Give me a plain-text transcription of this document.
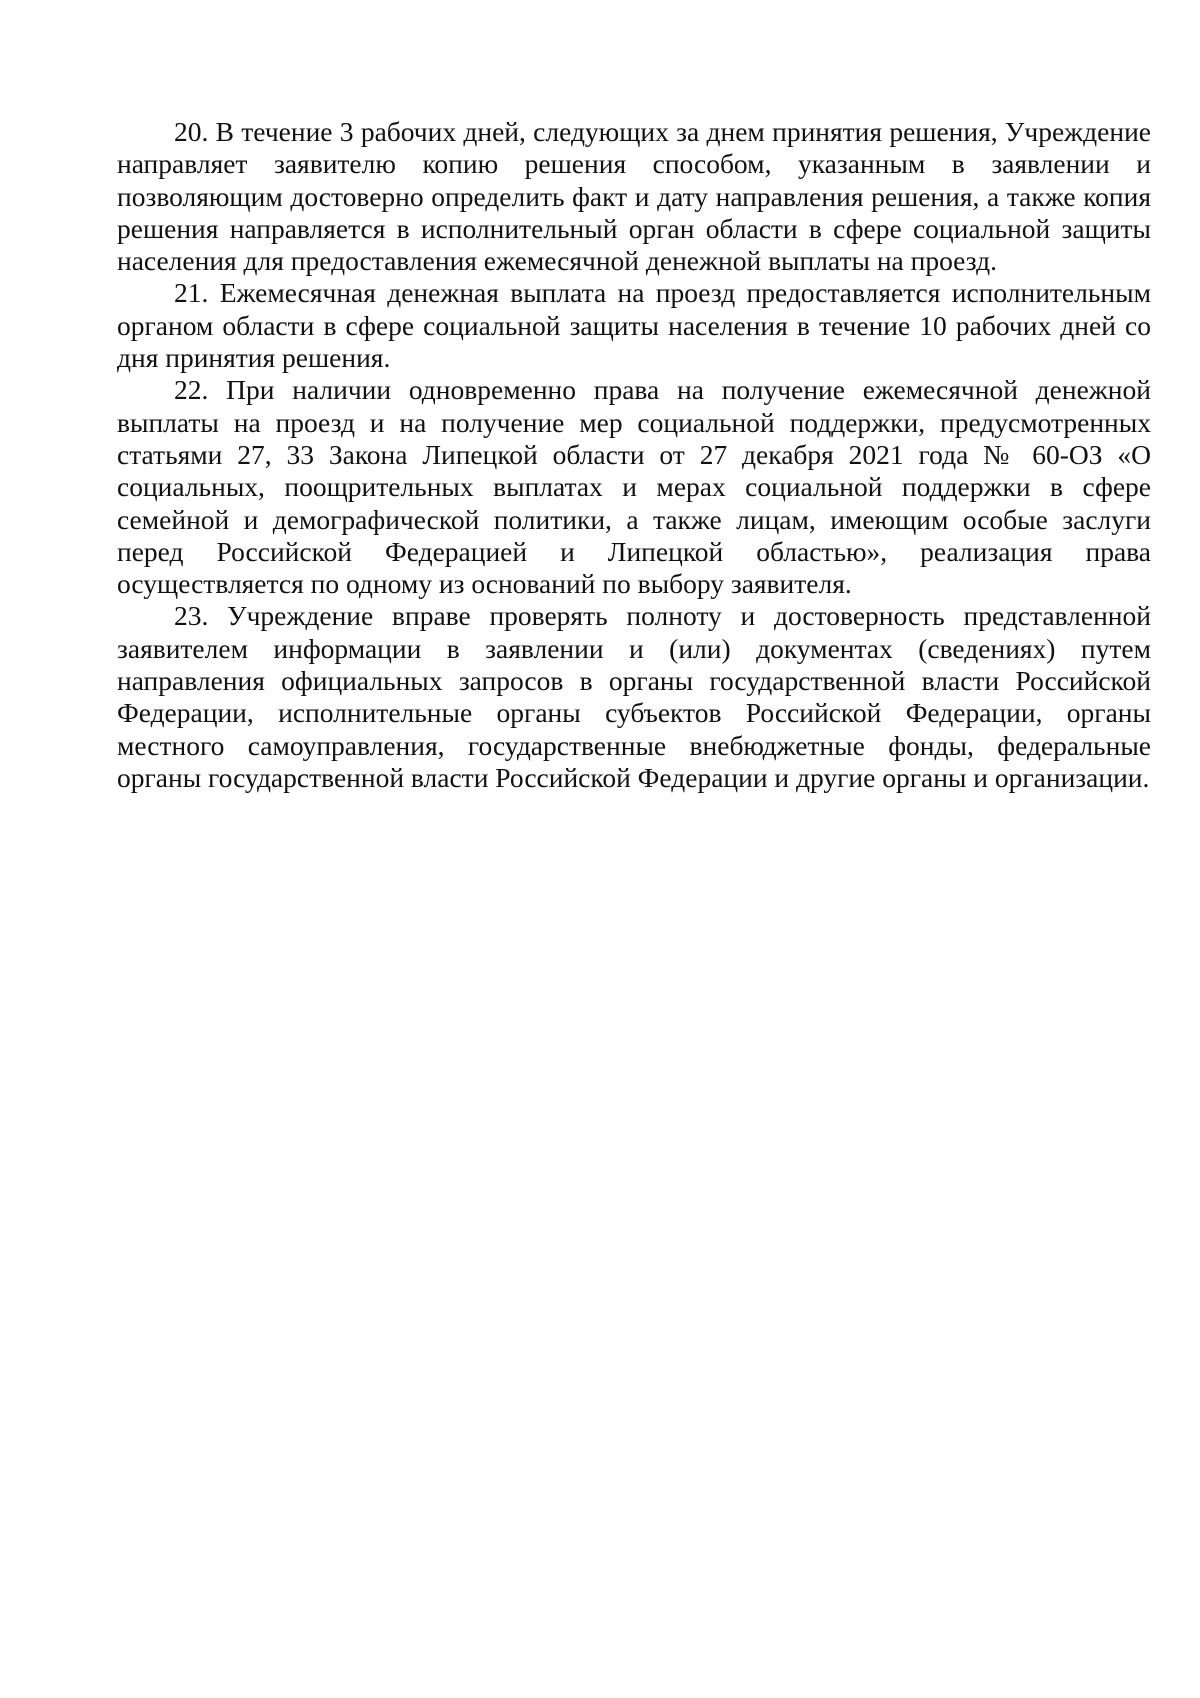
20. В течение 3 рабочих дней, следующих за днем принятия решения, Учреждение направляет заявителю копию решения способом, указанным в заявлении и позволяющим достоверно определить факт и дату направления решения, а также копия решения направляется в исполнительный орган области в сфере социальной защиты населения для предоставления ежемесячной денежной выплаты на проезд.

21. Ежемесячная денежная выплата на проезд предоставляется исполнительным органом области в сфере социальной защиты населения в течение 10 рабочих дней со дня принятия решения.

22. При наличии одновременно права на получение ежемесячной денежной выплаты на проезд и на получение мер социальной поддержки, предусмотренных статьями 27, 33 Закона Липецкой области от 27 декабря 2021 года № 60-ОЗ «О социальных, поощрительных выплатах и мерах социальной поддержки в сфере семейной и демографической политики, а также лицам, имеющим особые заслуги перед Российской Федерацией и Липецкой областью», реализация права осуществляется по одному из оснований по выбору заявителя.

23. Учреждение вправе проверять полноту и достоверность представленной заявителем информации в заявлении и (или) документах (сведениях) путем направления официальных запросов в органы государственной власти Российской Федерации, исполнительные органы субъектов Российской Федерации, органы местного самоуправления, государственные внебюджетные фонды, федеральные органы государственной власти Российской Федерации и другие органы и организации.
